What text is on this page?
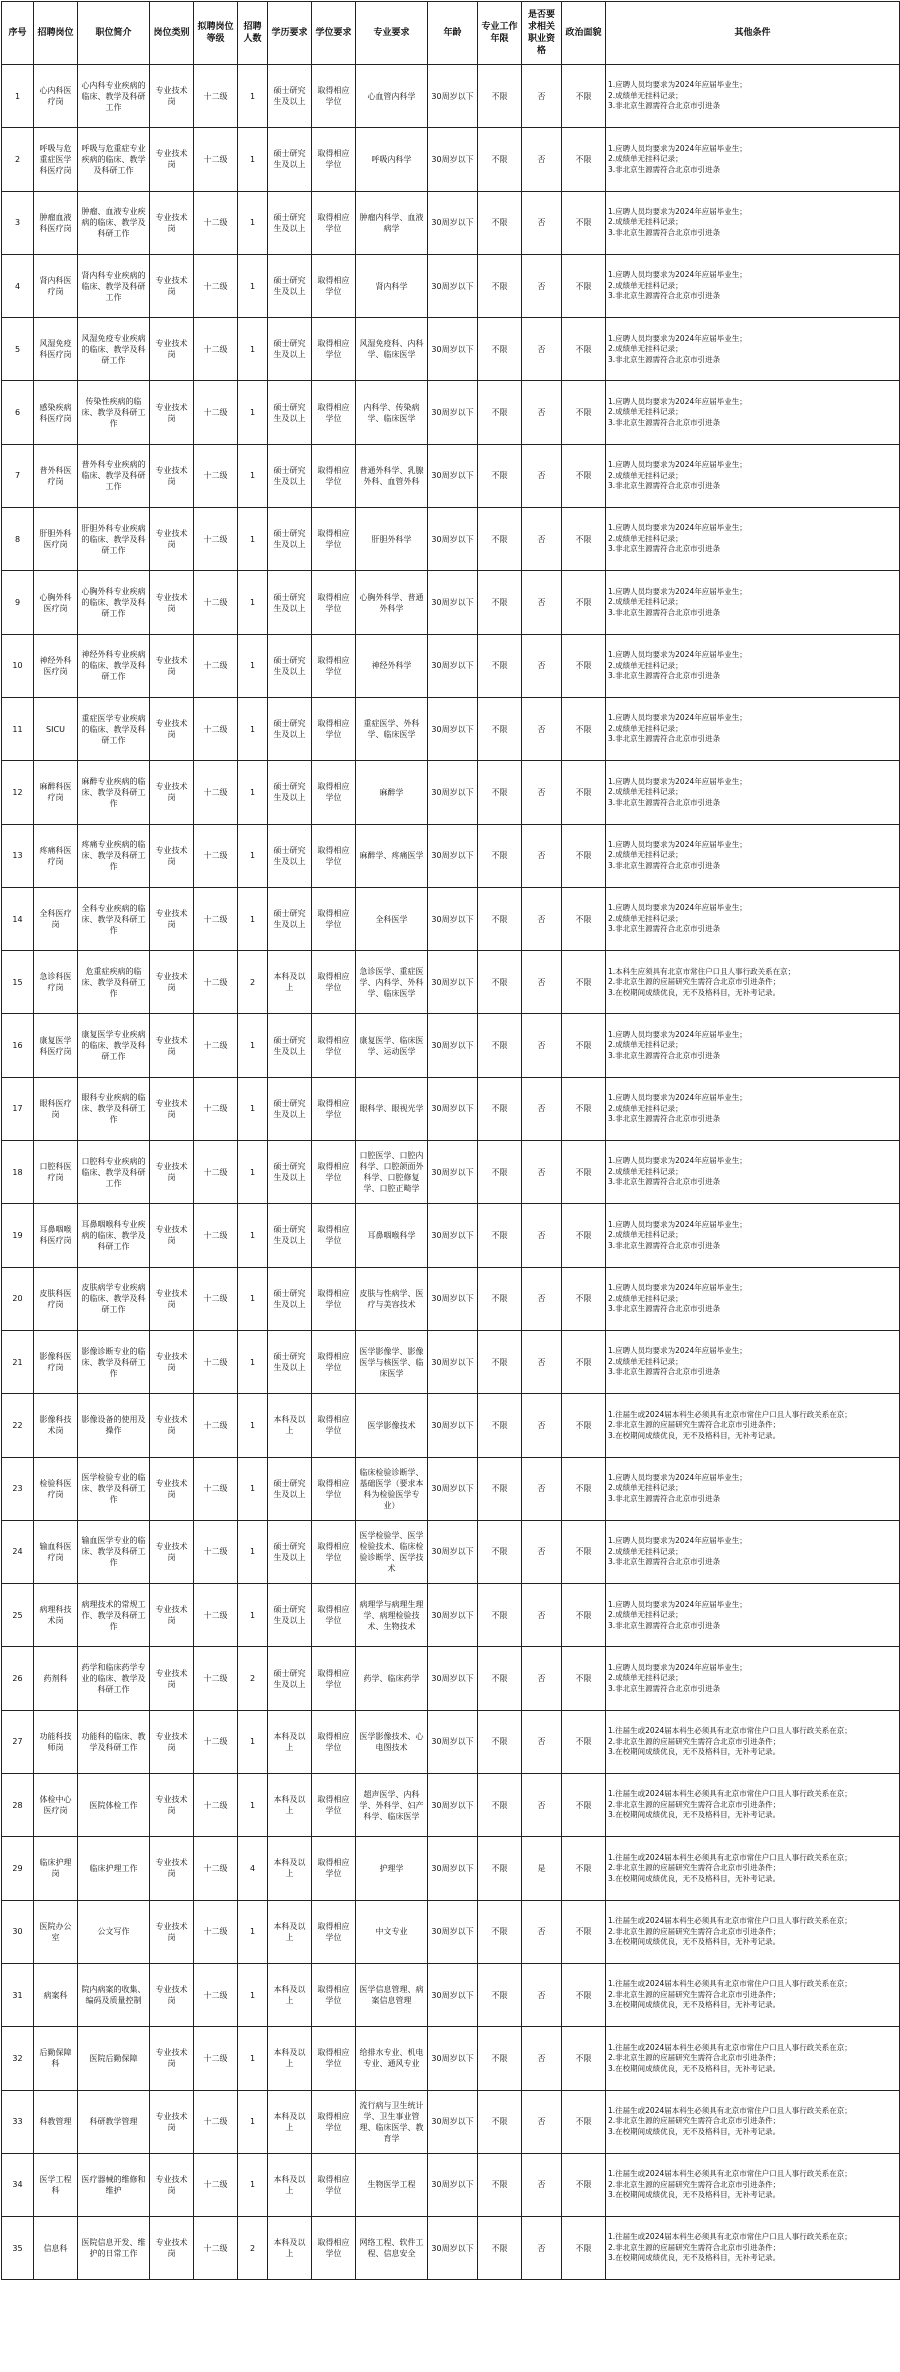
序号	招聘岗位	职位简介	岗位类别	拟聘岗位等级	招聘人数	学历要求	学位要求	专业要求	年龄	专业工作年限	是否要求相关职业资格	政治面貌	其他条件
1	心内科医疗岗	心内科专业疾病的临床、教学及科研工作	专业技术岗	十二级	1	硕士研究生及以上	取得相应学位	心血管内科学	30周岁以下	不限	否	不限	1.应聘人员均要求为2024年应届毕业生；
2.成绩单无挂科记录；
3.非北京生源需符合北京市引进条

2	呼吸与危重症医学科医疗岗	呼吸与危重症专业疾病的临床、教学及科研工作	专业技术岗	十二级	1	硕士研究生及以上	取得相应学位	呼吸内科学	30周岁以下	不限	否	不限	1.应聘人员均要求为2024年应届毕业生；
2.成绩单无挂科记录；
3.非北京生源需符合北京市引进条

3	肿瘤血液科医疗岗	肿瘤、血液专业疾病的临床、教学及科研工作	专业技术岗	十二级	1	硕士研究生及以上	取得相应学位	肿瘤内科学、血液病学	30周岁以下	不限	否	不限	1.应聘人员均要求为2024年应届毕业生；
2.成绩单无挂科记录；
3.非北京生源需符合北京市引进条

4	肾内科医疗岗	肾内科专业疾病的临床、教学及科研工作	专业技术岗	十二级	1	硕士研究生及以上	取得相应学位	肾内科学	30周岁以下	不限	否	不限	1.应聘人员均要求为2024年应届毕业生；
2.成绩单无挂科记录；
3.非北京生源需符合北京市引进条

5	风湿免疫科医疗岗	风湿免疫专业疾病的临床、教学及科研工作	专业技术岗	十二级	1	硕士研究生及以上	取得相应学位	风湿免疫科、内科学、临床医学	30周岁以下	不限	否	不限	1.应聘人员均要求为2024年应届毕业生；
2.成绩单无挂科记录；
3.非北京生源需符合北京市引进条

6	感染疾病科医疗岗	传染性疾病的临床、教学及科研工作	专业技术岗	十二级	1	硕士研究生及以上	取得相应学位	内科学、传染病学、临床医学	30周岁以下	不限	否	不限	1.应聘人员均要求为2024年应届毕业生；
2.成绩单无挂科记录；
3.非北京生源需符合北京市引进条

7	普外科医疗岗	普外科专业疾病的临床、教学及科研工作	专业技术岗	十二级	1	硕士研究生及以上	取得相应学位	普通外科学、乳腺外科、血管外科	30周岁以下	不限	否	不限	1.应聘人员均要求为2024年应届毕业生；
2.成绩单无挂科记录；
3.非北京生源需符合北京市引进条

8	肝胆外科医疗岗	肝胆外科专业疾病的临床、教学及科研工作	专业技术岗	十二级	1	硕士研究生及以上	取得相应学位	肝胆外科学	30周岁以下	不限	否	不限	1.应聘人员均要求为2024年应届毕业生；
2.成绩单无挂科记录；
3.非北京生源需符合北京市引进条

9	心胸外科医疗岗	心胸外科专业疾病的临床、教学及科研工作	专业技术岗	十二级	1	硕士研究生及以上	取得相应学位	心胸外科学、普通外科学	30周岁以下	不限	否	不限	1.应聘人员均要求为2024年应届毕业生；
2.成绩单无挂科记录；
3.非北京生源需符合北京市引进条

10	神经外科医疗岗	神经外科专业疾病的临床、教学及科研工作	专业技术岗	十二级	1	硕士研究生及以上	取得相应学位	神经外科学	30周岁以下	不限	否	不限	1.应聘人员均要求为2024年应届毕业生；
2.成绩单无挂科记录；
3.非北京生源需符合北京市引进条

11	SICU	重症医学专业疾病的临床、教学及科研工作	专业技术岗	十二级	1	硕士研究生及以上	取得相应学位	重症医学、外科学、临床医学	30周岁以下	不限	否	不限	1.应聘人员均要求为2024年应届毕业生；
2.成绩单无挂科记录；
3.非北京生源需符合北京市引进条

12	麻醉科医疗岗	麻醉专业疾病的临床、教学及科研工作	专业技术岗	十二级	1	硕士研究生及以上	取得相应学位	麻醉学	30周岁以下	不限	否	不限	1.应聘人员均要求为2024年应届毕业生；
2.成绩单无挂科记录；
3.非北京生源需符合北京市引进条

13	疼痛科医疗岗	疼痛专业疾病的临床、教学及科研工作	专业技术岗	十二级	1	硕士研究生及以上	取得相应学位	麻醉学、疼痛医学	30周岁以下	不限	否	不限	1.应聘人员均要求为2024年应届毕业生；
2.成绩单无挂科记录；
3.非北京生源需符合北京市引进条

14	全科医疗岗	全科专业疾病的临床、教学及科研工作	专业技术岗	十二级	1	硕士研究生及以上	取得相应学位	全科医学	30周岁以下	不限	否	不限	1.应聘人员均要求为2024年应届毕业生；
2.成绩单无挂科记录；
3.非北京生源需符合北京市引进条

15	急诊科医疗岗	危重症疾病的临床、教学及科研工作	专业技术岗	十二级	2	本科及以上	取得相应学位	急诊医学、重症医学、内科学、外科学、临床医学	30周岁以下	不限	否	不限	1.本科生应须具有北京市常住户口且人事行政关系在京；
2.非北京生源的应届研究生需符合北京市引进条件；
3.在校期间成绩优良，无不及格科目，无补考记录。

16	康复医学科医疗岗	康复医学专业疾病的临床、教学及科研工作	专业技术岗	十二级	1	硕士研究生及以上	取得相应学位	康复医学、临床医学、运动医学	30周岁以下	不限	否	不限	1.应聘人员均要求为2024年应届毕业生；
2.成绩单无挂科记录；
3.非北京生源需符合北京市引进条

17	眼科医疗岗	眼科专业疾病的临床、教学及科研工作	专业技术岗	十二级	1	硕士研究生及以上	取得相应学位	眼科学、眼视光学	30周岁以下	不限	否	不限	1.应聘人员均要求为2024年应届毕业生；
2.成绩单无挂科记录；
3.非北京生源需符合北京市引进条

18	口腔科医疗岗	口腔科专业疾病的临床、教学及科研工作	专业技术岗	十二级	1	硕士研究生及以上	取得相应学位	口腔医学、口腔内科学、口腔颌面外科学、口腔修复学、口腔正畸学	30周岁以下	不限	否	不限	1.应聘人员均要求为2024年应届毕业生；
2.成绩单无挂科记录；
3.非北京生源需符合北京市引进条

19	耳鼻咽喉科医疗岗	耳鼻咽喉科专业疾病的临床、教学及科研工作	专业技术岗	十二级	1	硕士研究生及以上	取得相应学位	耳鼻咽喉科学	30周岁以下	不限	否	不限	1.应聘人员均要求为2024年应届毕业生；
2.成绩单无挂科记录；
3.非北京生源需符合北京市引进条

20	皮肤科医疗岗	皮肤病学专业疾病的临床、教学及科研工作	专业技术岗	十二级	1	硕士研究生及以上	取得相应学位	皮肤与性病学、医疗与美容技术	30周岁以下	不限	否	不限	1.应聘人员均要求为2024年应届毕业生；
2.成绩单无挂科记录；
3.非北京生源需符合北京市引进条

21	影像科医疗岗	影像诊断专业的临床、教学及科研工作	专业技术岗	十二级	1	硕士研究生及以上	取得相应学位	医学影像学、影像医学与核医学、临床医学	30周岁以下	不限	否	不限	1.应聘人员均要求为2024年应届毕业生；
2.成绩单无挂科记录；
3.非北京生源需符合北京市引进条

22	影像科技术岗	影像设备的使用及操作	专业技术岗	十二级	1	本科及以上	取得相应学位	医学影像技术	30周岁以下	不限	否	不限	1.往届生或2024届本科生必须具有北京市常住户口且人事行政关系在京；
2.非北京生源的应届研究生需符合北京市引进条件；
3.在校期间成绩优良，无不及格科目，无补考记录。

23	检验科医疗岗	医学检验专业的临床、教学及科研工作	专业技术岗	十二级	1	硕士研究生及以上	取得相应学位	临床检验诊断学、基础医学（要求本科为检验医学专业）	30周岁以下	不限	否	不限	1.应聘人员均要求为2024年应届毕业生；
2.成绩单无挂科记录；
3.非北京生源需符合北京市引进条

24	输血科医疗岗	输血医学专业的临床、教学及科研工作	专业技术岗	十二级	1	硕士研究生及以上	取得相应学位	医学检验学、医学检验技术、临床检验诊断学、医学技术	30周岁以下	不限	否	不限	1.应聘人员均要求为2024年应届毕业生；
2.成绩单无挂科记录；
3.非北京生源需符合北京市引进条

25	病理科技术岗	病理技术的常规工作、教学及科研工作	专业技术岗	十二级	1	硕士研究生及以上	取得相应学位	病理学与病理生理学、病理检验技术、生物技术	30周岁以下	不限	否	不限	1.应聘人员均要求为2024年应届毕业生；
2.成绩单无挂科记录；
3.非北京生源需符合北京市引进条

26	药剂科	药学和临床药学专业的临床、教学及科研工作	专业技术岗	十二级	2	硕士研究生及以上	取得相应学位	药学、临床药学	30周岁以下	不限	否	不限	1.应聘人员均要求为2024年应届毕业生；
2.成绩单无挂科记录；
3.非北京生源需符合北京市引进条

27	功能科技师岗	功能科的临床、教学及科研工作	专业技术岗	十二级	1	本科及以上	取得相应学位	医学影像技术、心电图技术	30周岁以下	不限	否	不限	1.往届生或2024届本科生必须具有北京市常住户口且人事行政关系在京；
2.非北京生源的应届研究生需符合北京市引进条件；
3.在校期间成绩优良，无不及格科目，无补考记录。

28	体检中心医疗岗	医院体检工作	专业技术岗	十二级	1	本科及以上	取得相应学位	超声医学、内科学、外科学、妇产科学、临床医学	30周岁以下	不限	否	不限	1.往届生或2024届本科生必须具有北京市常住户口且人事行政关系在京；
2.非北京生源的应届研究生需符合北京市引进条件；
3.在校期间成绩优良，无不及格科目，无补考记录。

29	临床护理岗	临床护理工作	专业技术岗	十二级	4	本科及以上	取得相应学位	护理学	30周岁以下	不限	是	不限	1.往届生或2024届本科生必须具有北京市常住户口且人事行政关系在京；
2.非北京生源的应届研究生需符合北京市引进条件；
3.在校期间成绩优良，无不及格科目，无补考记录。

30	医院办公室	公文写作	专业技术岗	十二级	1	本科及以上	取得相应学位	中文专业	30周岁以下	不限	否	不限	1.往届生或2024届本科生必须具有北京市常住户口且人事行政关系在京；
2.非北京生源的应届研究生需符合北京市引进条件；
3.在校期间成绩优良，无不及格科目，无补考记录。

31	病案科	院内病案的收集、编码及质量控制	专业技术岗	十二级	1	本科及以上	取得相应学位	医学信息管理、病案信息管理	30周岁以下	不限	否	不限	1.往届生或2024届本科生必须具有北京市常住户口且人事行政关系在京；
2.非北京生源的应届研究生需符合北京市引进条件；
3.在校期间成绩优良，无不及格科目，无补考记录。

32	后勤保障科	医院后勤保障	专业技术岗	十二级	1	本科及以上	取得相应学位	给排水专业、机电专业、通风专业	30周岁以下	不限	否	不限	1.往届生或2024届本科生必须具有北京市常住户口且人事行政关系在京；
2.非北京生源的应届研究生需符合北京市引进条件；
3.在校期间成绩优良，无不及格科目，无补考记录。

33	科教管理	科研教学管理	专业技术岗	十二级	1	本科及以上	取得相应学位	流行病与卫生统计学、卫生事业管理、临床医学、教育学	30周岁以下	不限	否	不限	1.往届生或2024届本科生必须具有北京市常住户口且人事行政关系在京；
2.非北京生源的应届研究生需符合北京市引进条件；
3.在校期间成绩优良，无不及格科目，无补考记录。

34	医学工程科	医疗器械的维修和维护	专业技术岗	十二级	1	本科及以上	取得相应学位	生物医学工程	30周岁以下	不限	否	不限	1.往届生或2024届本科生必须具有北京市常住户口且人事行政关系在京；
2.非北京生源的应届研究生需符合北京市引进条件；
3.在校期间成绩优良，无不及格科目，无补考记录。

35	信息科	医院信息开发、维护的日常工作	专业技术岗	十二级	2	本科及以上	取得相应学位	网络工程、软件工程、信息安全	30周岁以下	不限	否	不限	1.往届生或2024届本科生必须具有北京市常住户口且人事行政关系在京；
2.非北京生源的应届研究生需符合北京市引进条件；
3.在校期间成绩优良，无不及格科目，无补考记录。
